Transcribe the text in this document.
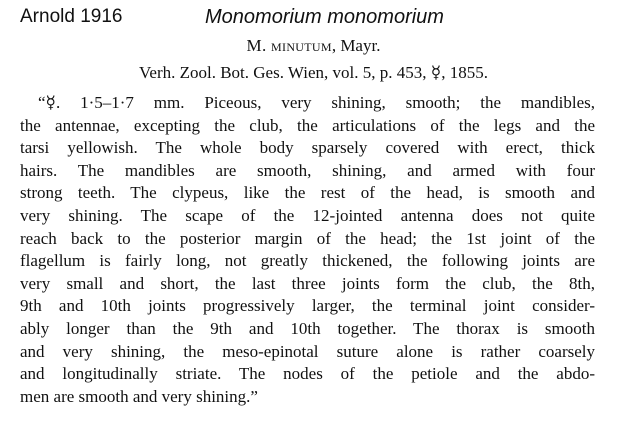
Arnold 1916	Monomorium monomorium
M. minutum, Mayr.
Verh. Zool. Bot. Ges. Wien, vol. 5, p. 453, ☿, 1855.
“☿. 1·5–1·7 mm. Piceous, very shining, smooth; the mandibles,
the antennae, excepting the club, the articulations of the legs and the
tarsi yellowish. The whole body sparsely covered with erect, thick
hairs. The mandibles are smooth, shining, and armed with four
strong teeth. The clypeus, like the rest of the head, is smooth and
very shining. The scape of the 12-jointed antenna does not quite
reach back to the posterior margin of the head; the 1st joint of the
flagellum is fairly long, not greatly thickened, the following joints are
very small and short, the last three joints form the club, the 8th,
9th and 10th joints progressively larger, the terminal joint consider-
ably longer than the 9th and 10th together. The thorax is smooth
and very shining, the meso-epinotal suture alone is rather coarsely
and longitudinally striate. The nodes of the petiole and the abdo-
men are smooth and very shining.”
